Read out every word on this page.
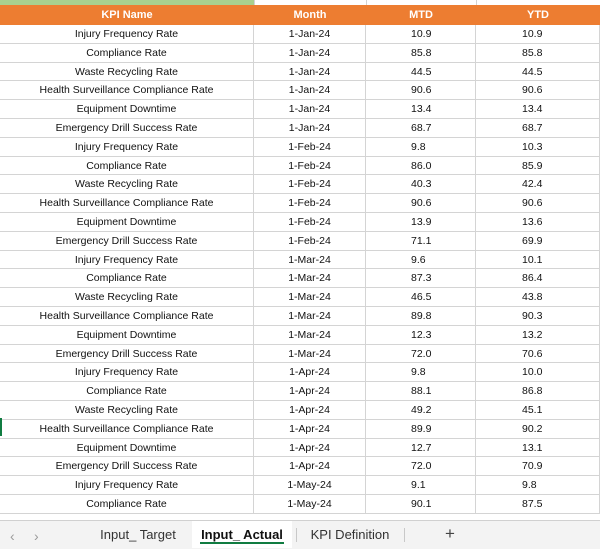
KPI Name	Month	MTD	YTD
Injury Frequency Rate	1-Jan-24	10.9	10.9
Compliance Rate	1-Jan-24	85.8	85.8
Waste Recycling Rate	1-Jan-24	44.5	44.5
Health Surveillance Compliance Rate	1-Jan-24	90.6	90.6
Equipment Downtime	1-Jan-24	13.4	13.4
Emergency Drill Success Rate	1-Jan-24	68.7	68.7
Injury Frequency Rate	1-Feb-24	9.8	10.3
Compliance Rate	1-Feb-24	86.0	85.9
Waste Recycling Rate	1-Feb-24	40.3	42.4
Health Surveillance Compliance Rate	1-Feb-24	90.6	90.6
Equipment Downtime	1-Feb-24	13.9	13.6
Emergency Drill Success Rate	1-Feb-24	71.1	69.9
Injury Frequency Rate	1-Mar-24	9.6	10.1
Compliance Rate	1-Mar-24	87.3	86.4
Waste Recycling Rate	1-Mar-24	46.5	43.8
Health Surveillance Compliance Rate	1-Mar-24	89.8	90.3
Equipment Downtime	1-Mar-24	12.3	13.2
Emergency Drill Success Rate	1-Mar-24	72.0	70.6
Injury Frequency Rate	1-Apr-24	9.8	10.0
Compliance Rate	1-Apr-24	88.1	86.8
Waste Recycling Rate	1-Apr-24	49.2	45.1
Health Surveillance Compliance Rate	1-Apr-24	89.9	90.2
Equipment Downtime	1-Apr-24	12.7	13.1
Emergency Drill Success Rate	1-Apr-24	72.0	70.9
Injury Frequency Rate	1-May-24	9.1	9.8
Compliance Rate	1-May-24	90.1	87.5
‹ ›	Input_ Target	Input_ Actual	KPI Definition	+
